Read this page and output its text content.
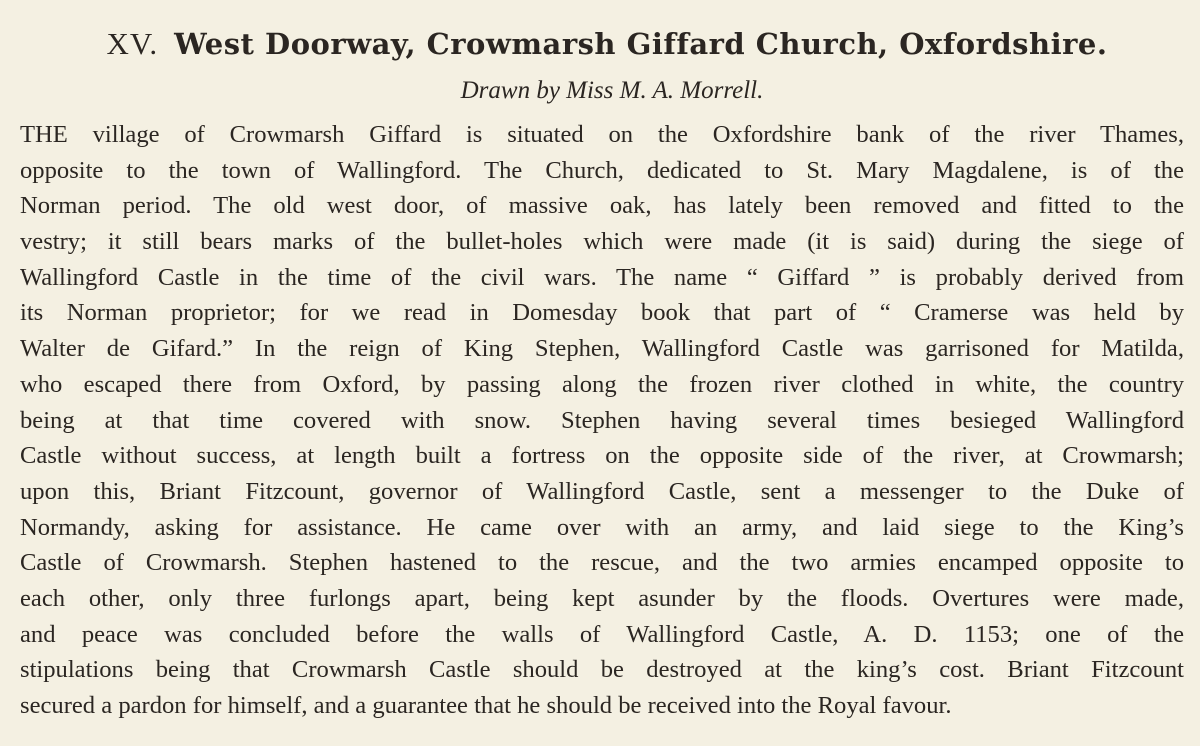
XV. West Doorway, Crowmarsh Giffard Church, Oxfordshire.
Drawn by Miss M. A. Morrell.
THE village of Crowmarsh Giffard is situated on the Oxfordshire bank of the river Thames,
opposite to the town of Wallingford. The Church, dedicated to St. Mary Magdalene, is of the
Norman period. The old west door, of massive oak, has lately been removed and fitted to the
vestry; it still bears marks of the bullet-holes which were made (it is said) during the siege of
Wallingford Castle in the time of the civil wars. The name “ Giffard ” is probably derived from
its Norman proprietor; for we read in Domesday book that part of “ Cramerse was held by
Walter de Gifard.” In the reign of King Stephen, Wallingford Castle was garrisoned for Matilda,
who escaped there from Oxford, by passing along the frozen river clothed in white, the country
being at that time covered with snow. Stephen having several times besieged Wallingford
Castle without success, at length built a fortress on the opposite side of the river, at Crowmarsh;
upon this, Briant Fitzcount, governor of Wallingford Castle, sent a messenger to the Duke of
Normandy, asking for assistance. He came over with an army, and laid siege to the King’s
Castle of Crowmarsh. Stephen hastened to the rescue, and the two armies encamped opposite to
each other, only three furlongs apart, being kept asunder by the floods. Overtures were made,
and peace was concluded before the walls of Wallingford Castle, A. D. 1153; one of the
stipulations being that Crowmarsh Castle should be destroyed at the king’s cost. Briant Fitzcount
secured a pardon for himself, and a guarantee that he should be received into the Royal favour.
